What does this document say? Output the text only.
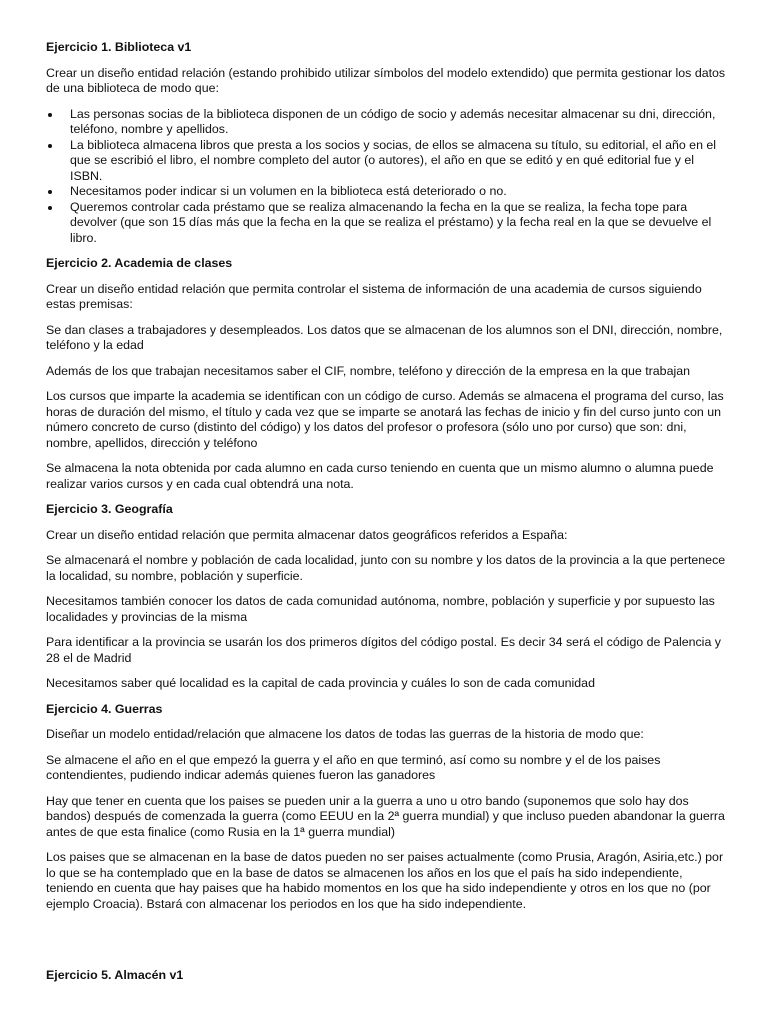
Ejercicio 1. Biblioteca v1

Crear un diseño entidad relación (estando prohibido utilizar símbolos del modelo extendido) que permita gestionar los datos de una biblioteca de modo que:

Las personas socias de la biblioteca disponen de un código de socio y además necesitar almacenar su dni, dirección, teléfono, nombre y apellidos.
La biblioteca almacena libros que presta a los socios y socias, de ellos se almacena su título, su editorial, el año en el que se escribió el libro, el nombre completo del autor (o autores), el año en que se editó y en qué editorial fue y el ISBN.
Necesitamos poder indicar si un volumen en la biblioteca está deteriorado o no.
Queremos controlar cada préstamo que se realiza almacenando la fecha en la que se realiza, la fecha tope para devolver (que son 15 días más que la fecha en la que se realiza el préstamo) y la fecha real en la que se devuelve el libro.
Ejercicio 2. Academia de clases

Crear un diseño entidad relación que permita controlar el sistema de información de una academia de cursos siguiendo estas premisas:

Se dan clases a trabajadores y desempleados. Los datos que se almacenan de los alumnos son el DNI, dirección, nombre, teléfono y la edad

Además de los que trabajan necesitamos saber el CIF, nombre, teléfono y dirección de la empresa en la que trabajan

Los cursos que imparte la academia se identifican con un código de curso. Además se almacena el programa del curso, las horas de duración del mismo, el título y cada vez que se imparte se anotará las fechas de inicio y fin del curso junto con un número concreto de curso (distinto del código) y los datos del profesor o profesora (sólo uno por curso) que son: dni, nombre, apellidos, dirección y teléfono

Se almacena la nota obtenida por cada alumno en cada curso teniendo en cuenta que un mismo alumno o alumna puede realizar varios cursos y en cada cual obtendrá una nota.

Ejercicio 3. Geografía

Crear un diseño entidad relación que permita almacenar datos geográficos referidos a España:

Se almacenará el nombre y población de cada localidad, junto con su nombre y los datos de la provincia a la que pertenece la localidad, su nombre, población y superficie.

Necesitamos también conocer los datos de cada comunidad autónoma, nombre, población y superficie y por supuesto las localidades y provincias de la misma

Para identificar a la provincia se usarán los dos primeros dígitos del código postal. Es decir 34 será el código de Palencia y 28 el de Madrid

Necesitamos saber qué localidad es la capital de cada provincia y cuáles lo son de cada comunidad

Ejercicio 4. Guerras

Diseñar un modelo entidad/relación que almacene los datos de todas las guerras de la historia de modo que:

Se almacene el año en el que empezó la guerra y el año en que terminó, así como su nombre y el de los paises contendientes, pudiendo indicar además quienes fueron las ganadores

Hay que tener en cuenta que los paises se pueden unir a la guerra a uno u otro bando (suponemos que solo hay dos bandos) después de comenzada la guerra (como EEUU en la 2ª guerra mundial) y que incluso pueden abandonar la guerra antes de que esta finalice (como Rusia en la 1ª guerra mundial)

Los paises que se almacenan en la base de datos pueden no ser paises actualmente (como Prusia, Aragón, Asiria,etc.) por lo que se ha contemplado que en la base de datos se almacenen los años en los que el país ha sido independiente, teniendo en cuenta que hay paises que ha habido momentos en los que ha sido independiente y otros en los que no (por ejemplo Croacia). Bstará con almacenar los periodos en los que ha sido independiente.

Ejercicio 5. Almacén v1
